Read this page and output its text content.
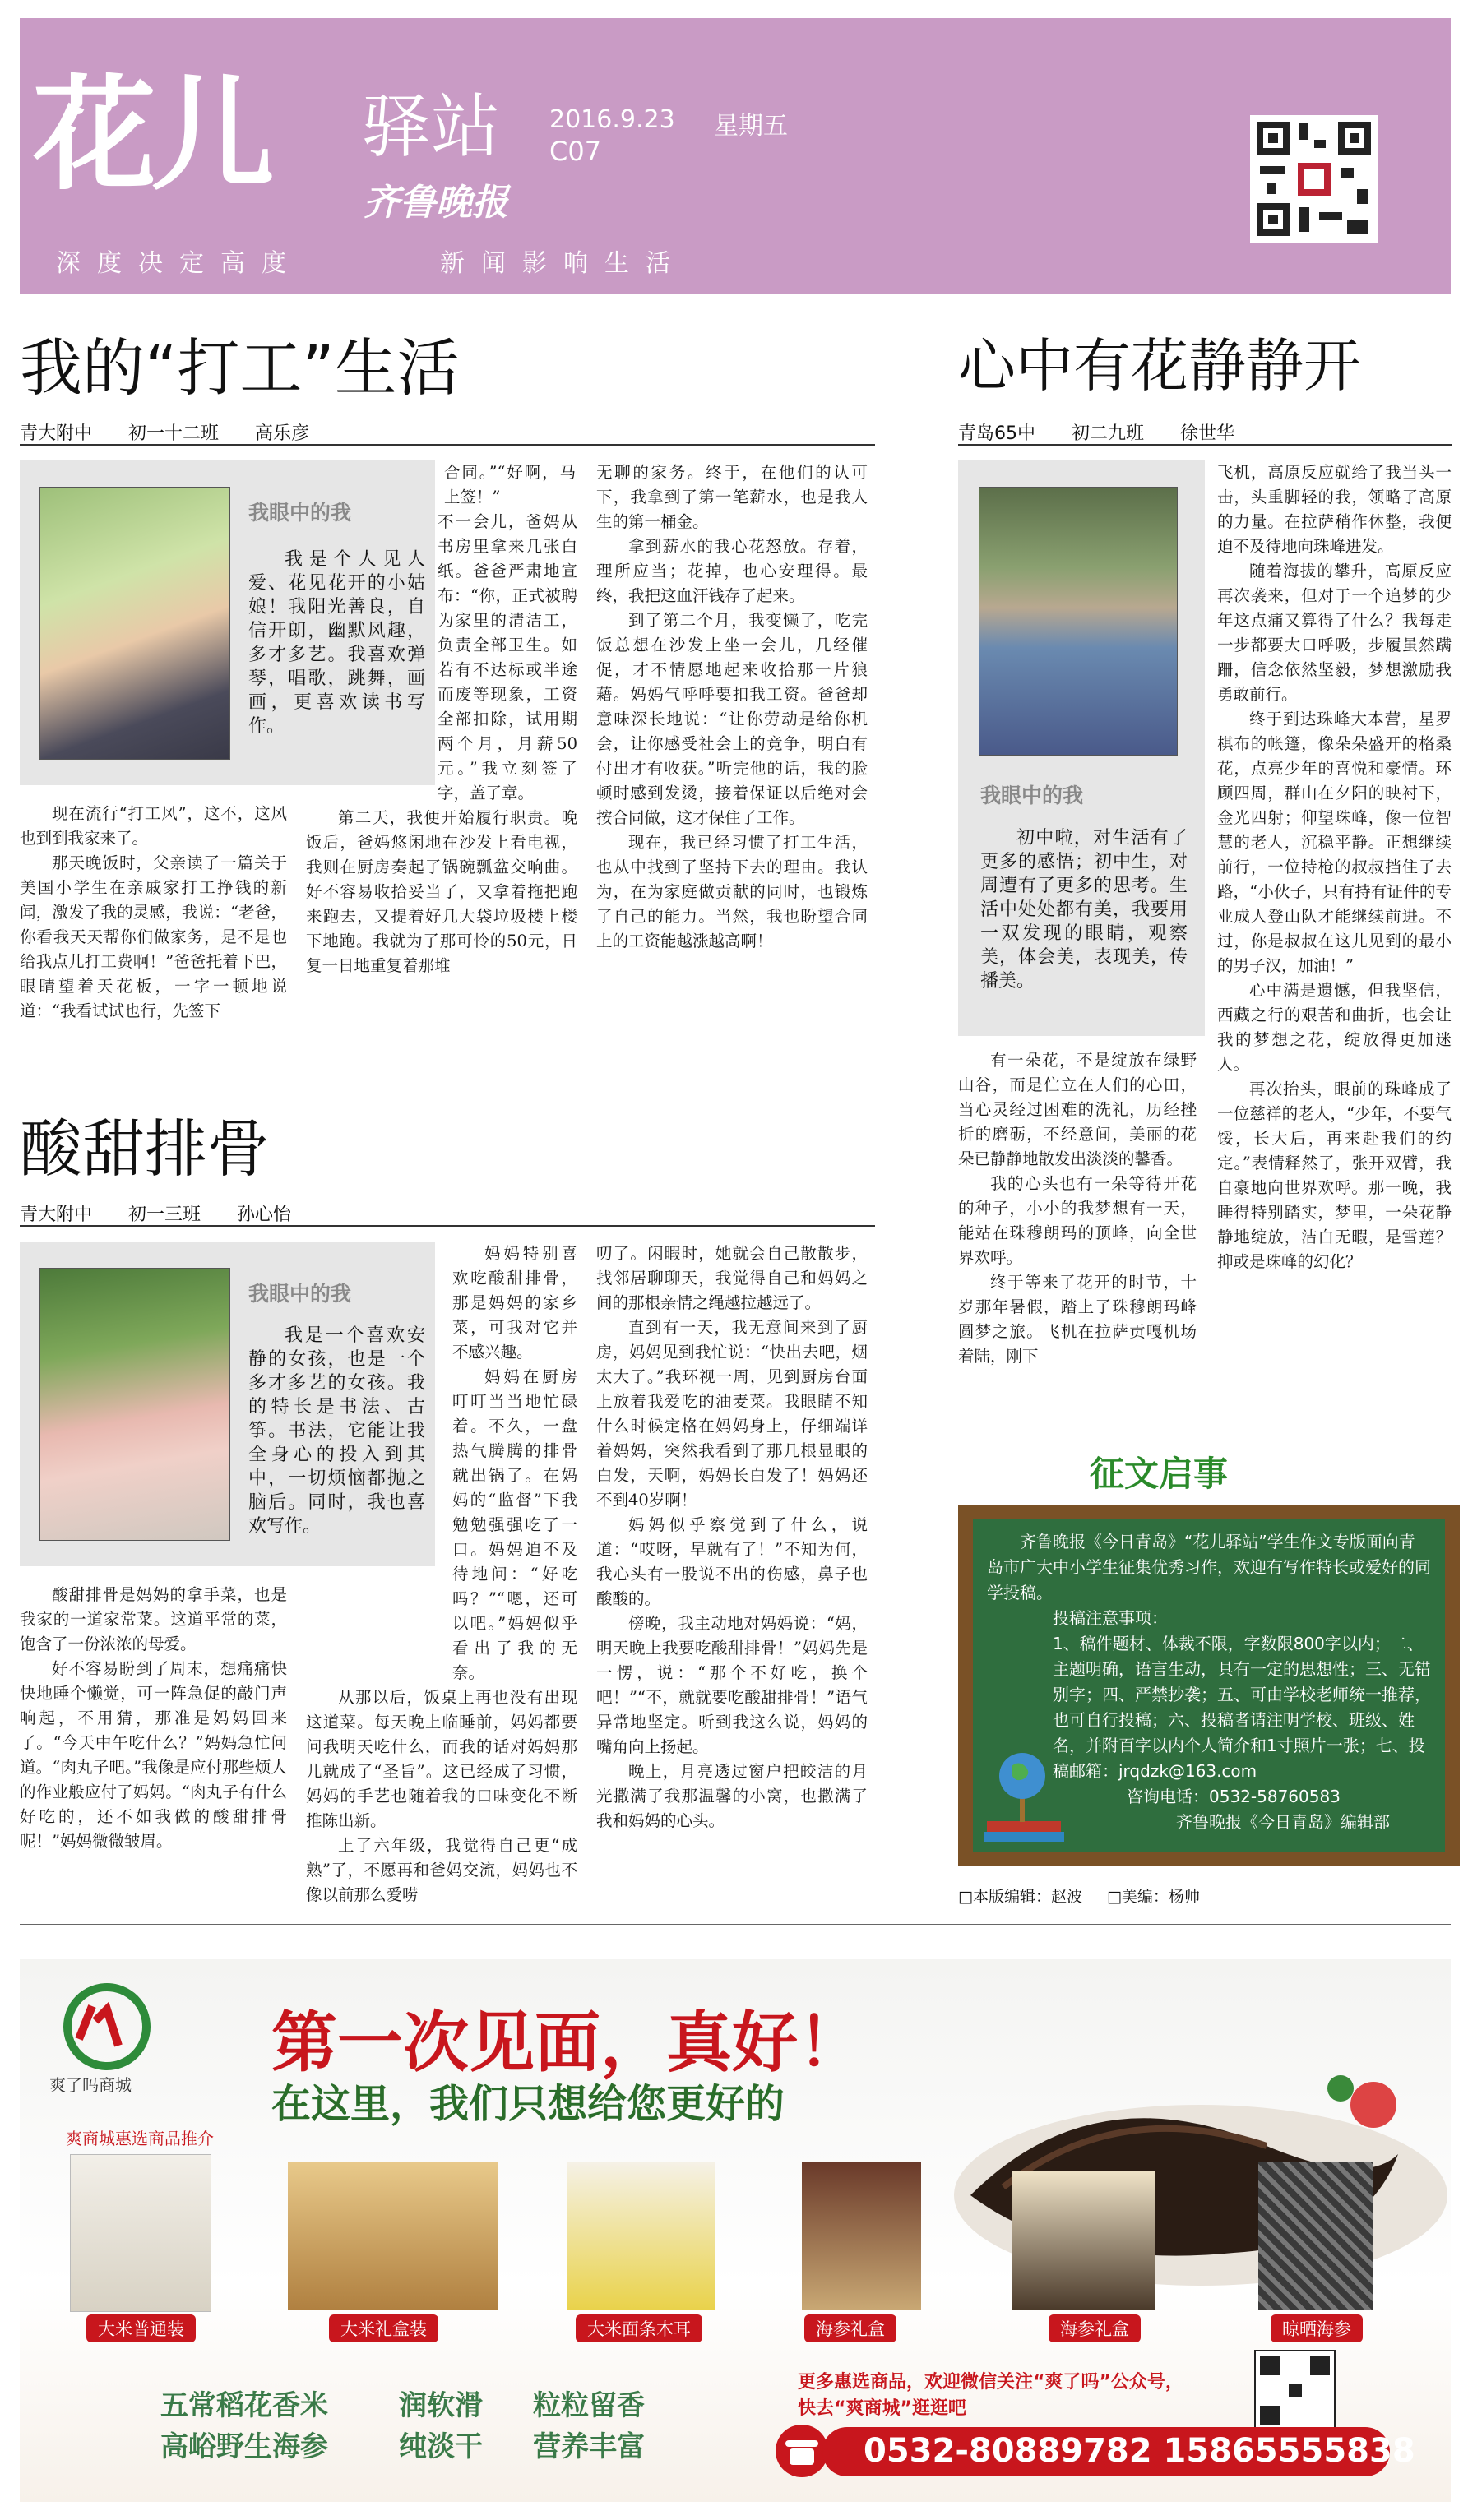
花儿 驿站
齐鲁晚报
2016.9.23 星期五
C07
深度决定高度	新闻影响生活
我的“打工”生活
青大附中 初一十二班 高乐彦
我眼中的我

我是个人见人爱、花见花开的小姑娘！我阳光善良，自信开朗，幽默风趣，多才多艺。我喜欢弹琴，唱歌，跳舞，画画，更喜欢读书写作。

合同。”“好啊，马上签！”

现在流行“打工风”，这不，这风也到到我家来了。

那天晚饭时，父亲读了一篇关于美国小学生在亲戚家打工挣钱的新闻，激发了我的灵感，我说：“老爸，你看我天天帮你们做家务，是不是也给我点儿打工费啊！”爸爸托着下巴，眼睛望着天花板，一字一顿地说道：“我看试试也行，先签下

不一会儿，爸妈从书房里拿来几张白纸。爸爸严肃地宣布：“你，正式被聘为家里的清洁工，负责全部卫生。如若有不达标或半途而废等现象，工资全部扣除，试用期两个月，月薪50元。”我立刻签了字，盖了章。

第二天，我便开始履行职责。晚饭后，爸妈悠闲地在沙发上看电视，我则在厨房奏起了锅碗瓢盆交响曲。好不容易收拾妥当了，又拿着拖把跑来跑去，又提着好几大袋垃圾楼上楼下地跑。我就为了那可怜的50元，日复一日地重复着那堆

无聊的家务。终于，在他们的认可下，我拿到了第一笔薪水，也是我人生的第一桶金。

拿到薪水的我心花怒放。存着，理所应当；花掉，也心安理得。最终，我把这血汗钱存了起来。

到了第二个月，我变懒了，吃完饭总想在沙发上坐一会儿，几经催促，才不情愿地起来收拾那一片狼藉。妈妈气呼呼要扣我工资。爸爸却意味深长地说：“让你劳动是给你机会，让你感受社会上的竞争，明白有付出才有收获。”听完他的话，我的脸顿时感到发烫，接着保证以后绝对会按合同做，这才保住了工作。

现在，我已经习惯了打工生活，也从中找到了坚持下去的理由。我认为，在为家庭做贡献的同时，也锻炼了自己的能力。当然，我也盼望合同上的工资能越涨越高啊！

酸甜排骨
青大附中 初一三班 孙心怡
我眼中的我

我是一个喜欢安静的女孩，也是一个多才多艺的女孩。我的特长是书法、古筝。书法，它能让我全身心的投入到其中，一切烦恼都抛之脑后。同时，我也喜欢写作。

酸甜排骨是妈妈的拿手菜，也是我家的一道家常菜。这道平常的菜，饱含了一份浓浓的母爱。

好不容易盼到了周末，想痛痛快快地睡个懒觉，可一阵急促的敲门声响起，不用猜，那准是妈妈回来了。“今天中午吃什么？”妈妈急忙问道。“肉丸子吧。”我像是应付那些烦人的作业般应付了妈妈。“肉丸子有什么好吃的，还不如我做的酸甜排骨呢！”妈妈微微皱眉。

妈妈特别喜欢吃酸甜排骨，那是妈妈的家乡菜，可我对它并不感兴趣。

妈妈在厨房叮叮当当地忙碌着。不久，一盘热气腾腾的排骨就出锅了。在妈妈的“监督”下我勉勉强强吃了一口。妈妈迫不及待地问：“好吃吗？”“嗯，还可以吧。”妈妈似乎看出了我的无奈。

从那以后，饭桌上再也没有出现这道菜。每天晚上临睡前，妈妈都要问我明天吃什么，而我的话对妈妈那儿就成了“圣旨”。这已经成了习惯，妈妈的手艺也随着我的口味变化不断推陈出新。

上了六年级，我觉得自己更“成熟”了，不愿再和爸妈交流，妈妈也不像以前那么爱唠

叨了。闲暇时，她就会自己散散步，找邻居聊聊天，我觉得自己和妈妈之间的那根亲情之绳越拉越远了。

直到有一天，我无意间来到了厨房，妈妈见到我忙说：“快出去吧，烟太大了。”我环视一周，见到厨房台面上放着我爱吃的油麦菜。我眼睛不知什么时候定格在妈妈身上，仔细端详着妈妈，突然我看到了那几根显眼的白发，天啊，妈妈长白发了！妈妈还不到40岁啊！

妈妈似乎察觉到了什么，说道：“哎呀，早就有了！”不知为何，我心头有一股说不出的伤感，鼻子也酸酸的。

傍晚，我主动地对妈妈说：“妈，明天晚上我要吃酸甜排骨！”妈妈先是一愣，说：“那个不好吃，换个吧！”“不，就就要吃酸甜排骨！”语气异常地坚定。听到我这么说，妈妈的嘴角向上扬起。

晚上，月亮透过窗户把皎洁的月光撒满了我那温馨的小窝，也撒满了我和妈妈的心头。

心中有花静静开
青岛65中 初二九班 徐世华
我眼中的我

初中啦，对生活有了更多的感悟；初中生，对周遭有了更多的思考。生活中处处都有美，我要用一双发现的眼睛，观察美，体会美，表现美，传播美。

有一朵花，不是绽放在绿野山谷，而是伫立在人们的心田，当心灵经过困难的洗礼，历经挫折的磨砺，不经意间，美丽的花朵已静静地散发出淡淡的馨香。

我的心头也有一朵等待开花的种子，小小的我梦想有一天，能站在珠穆朗玛的顶峰，向全世界欢呼。

终于等来了花开的时节，十岁那年暑假，踏上了珠穆朗玛峰圆梦之旅。飞机在拉萨贡嘎机场着陆，刚下

飞机，高原反应就给了我当头一击，头重脚轻的我，领略了高原的力量。在拉萨稍作休整，我便迫不及待地向珠峰进发。

随着海拔的攀升，高原反应再次袭来，但对于一个追梦的少年这点痛又算得了什么？我每走一步都要大口呼吸，步履虽然蹒跚，信念依然坚毅，梦想激励我勇敢前行。

终于到达珠峰大本营，星罗棋布的帐篷，像朵朵盛开的格桑花，点亮少年的喜悦和豪情。环顾四周，群山在夕阳的映衬下，金光四射；仰望珠峰，像一位智慧的老人，沉稳平静。正想继续前行，一位持枪的叔叔挡住了去路，“小伙子，只有持有证件的专业成人登山队才能继续前进。不过，你是叔叔在这儿见到的最小的男子汉，加油！”

心中满是遗憾，但我坚信，西藏之行的艰苦和曲折，也会让我的梦想之花，绽放得更加迷人。

再次抬头，眼前的珠峰成了一位慈祥的老人，“少年，不要气馁，长大后，再来赴我们的约定。”表情释然了，张开双臂，我自豪地向世界欢呼。那一晚，我睡得特别踏实，梦里，一朵花静静地绽放，洁白无暇，是雪莲？抑或是珠峰的幻化？

征文启事

齐鲁晚报《今日青岛》“花儿驿站”学生作文专版面向青岛市广大中小学生征集优秀习作，欢迎有写作特长或爱好的同学投稿。

投稿注意事项：

1、稿件题材、体裁不限，字数限800字以内；二、主题明确，语言生动，具有一定的思想性；三、无错别字；四、严禁抄袭；五、可由学校老师统一推荐，也可自行投稿；六、投稿者请注明学校、班级、姓名，并附百字以内个人简介和1寸照片一张；七、投稿邮箱：jrqdzk@163.com

咨询电话：0532-58760583

齐鲁晚报《今日青岛》编辑部

□本版编辑：赵波 □美编：杨帅
爽了吗商城
第一次见面，真好！
在这里，我们只想给您更好的
爽商城惠选商品推介
大米普通装	大米礼盒装	大米面条木耳	海参礼盒	海参礼盒	晾晒海参
五常稻花香米	润软滑 粒粒留香
高峪野生海参	纯淡干 营养丰富
更多惠选商品，欢迎微信关注“爽了吗”公众号，
快去“爽商城”逛逛吧
0532-80889782 15865555838
